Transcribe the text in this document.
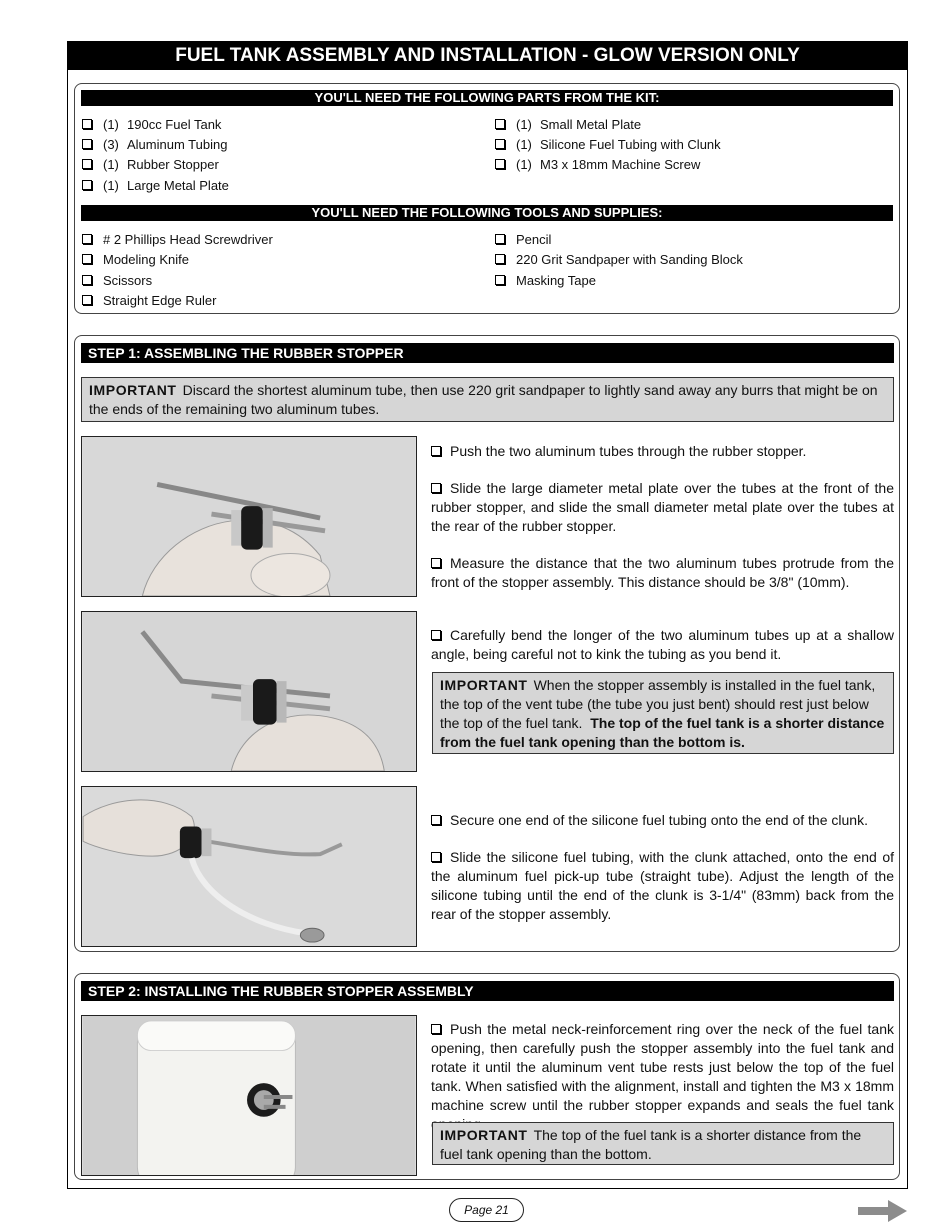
FUEL TANK ASSEMBLY AND INSTALLATION - GLOW VERSION ONLY
YOU'LL NEED THE FOLLOWING PARTS FROM THE KIT:
(1) 190cc Fuel Tank
(3) Aluminum Tubing
(1) Rubber Stopper
(1) Large Metal Plate
(1) Small Metal Plate
(1) Silicone Fuel Tubing with Clunk
(1) M3 x 18mm Machine Screw
YOU'LL NEED THE FOLLOWING TOOLS AND SUPPLIES:
# 2 Phillips Head Screwdriver
Modeling Knife
Scissors
Straight Edge Ruler
Pencil
220 Grit Sandpaper with Sanding Block
Masking Tape
STEP 1: ASSEMBLING THE RUBBER STOPPER
IMPORTANT Discard the shortest aluminum tube, then use 220 grit sandpaper to lightly sand away any burrs that might be on the ends of the remaining two aluminum tubes.
Push the two aluminum tubes through the rubber stopper.
Slide the large diameter metal plate over the tubes at the front of the rubber stopper, and slide the small diameter metal plate over the tubes at the rear of the rubber stopper.
Measure the distance that the two aluminum tubes protrude from the front of the stopper assembly. This distance should be 3/8" (10mm).
Carefully bend the longer of the two aluminum tubes up at a shallow angle, being careful not to kink the tubing as you bend it.
IMPORTANT When the stopper assembly is installed in the fuel tank, the top of the vent tube (the tube you just bent) should rest just below the top of the fuel tank. The top of the fuel tank is a shorter distance from the fuel tank opening than the bottom is.
Secure one end of the silicone fuel tubing onto the end of the clunk.
Slide the silicone fuel tubing, with the clunk attached, onto the end of the aluminum fuel pick-up tube (straight tube). Adjust the length of the silicone tubing until the end of the clunk is 3-1/4" (83mm) back from the rear of the stopper assembly.
STEP 2: INSTALLING THE RUBBER STOPPER ASSEMBLY
Push the metal neck-reinforcement ring over the neck of the fuel tank opening, then carefully push the stopper assembly into the fuel tank and rotate it until the aluminum vent tube rests just below the top of the fuel tank. When satisfied with the alignment, install and tighten the M3 x 18mm machine screw until the rubber stopper expands and seals the fuel tank
IMPORTANT The top of the fuel tank is a shorter distance from the fuel tank opening than the bottom.
Page 21
